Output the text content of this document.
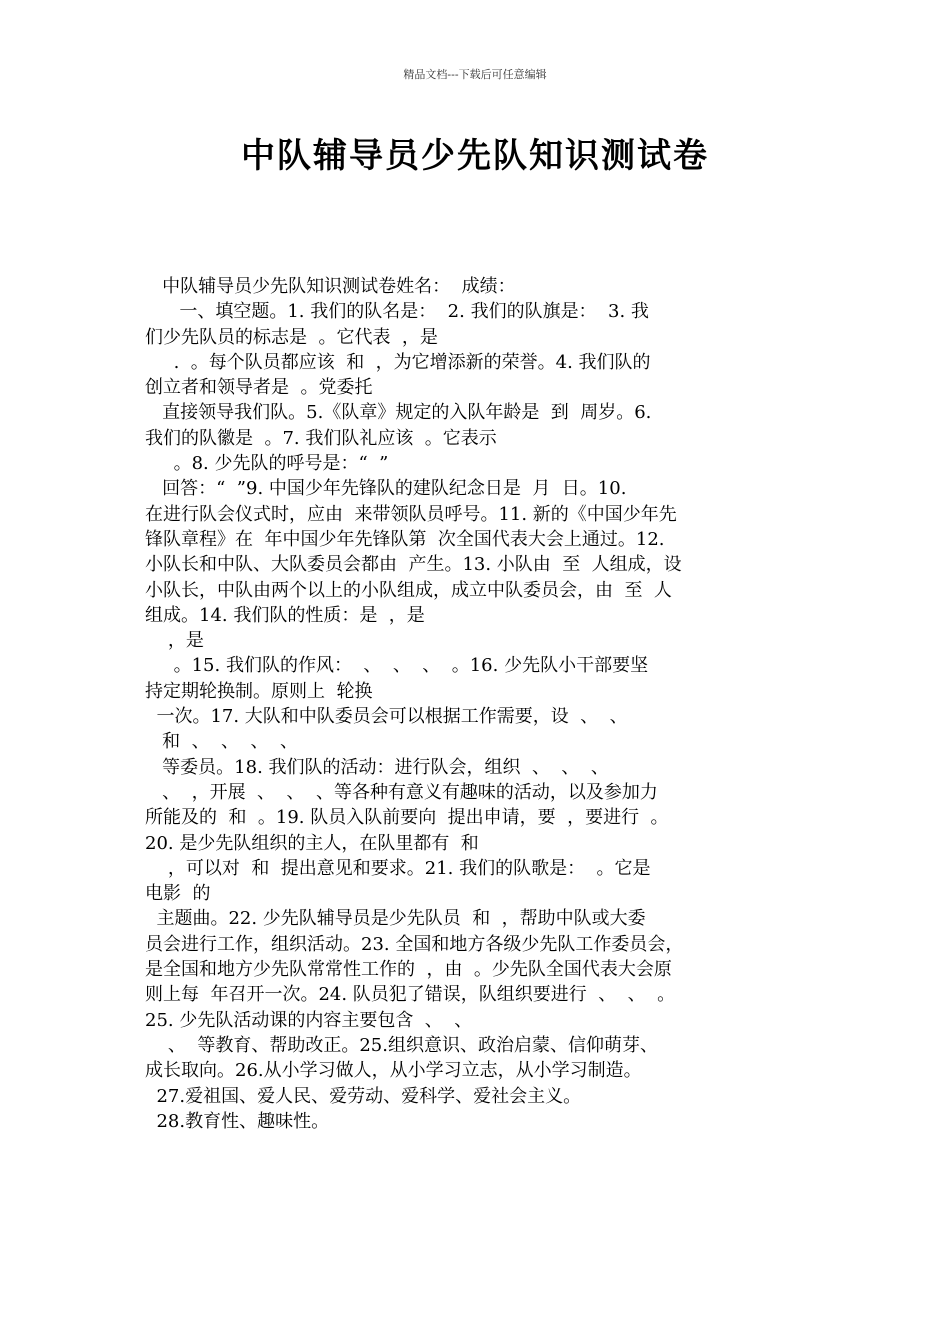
精品文档---下载后可任意编辑
中队辅导员少先队知识测试卷
中队辅导员少先队知识测试卷姓名：  成绩：
一、填空题。1. 我们的队名是：  2. 我们的队旗是：  3. 我
们少先队员的标志是  。它代表  ，是
.  。每个队员都应该  和  ，为它增添新的荣誉。4. 我们队的
创立者和领导者是  。党委托
直接领导我们队。5.《队章》规定的入队年龄是  到  周岁。6.
我们的队徽是  。7. 我们队礼应该  。它表示
。8. 少先队的呼号是：“  ”
回答：“  ”9. 中国少年先锋队的建队纪念日是  月  日。10.
在进行队会仪式时，应由  来带领队员呼号。11. 新的《中国少年先
锋队章程》在  年中国少年先锋队第  次全国代表大会上通过。12.
小队长和中队、大队委员会都由  产生。13. 小队由  至  人组成，设
小队长，中队由两个以上的小队组成，成立中队委员会，由  至  人
组成。14. 我们队的性质：是  ，是
，是
。15. 我们队的作风：  、  、  、  。16. 少先队小干部要坚
持定期轮换制。原则上  轮换
一次。17. 大队和中队委员会可以根据工作需要，设  、  、
和  、  、  、  、
等委员。18. 我们队的活动：进行队会，组织  、  、  、
、  ，开展  、  、  、等各种有意义有趣味的活动，以及参加力
所能及的  和  。19. 队员入队前要向  提出申请，要  ，要进行  。
20. 是少先队组织的主人，在队里都有  和
，可以对  和  提出意见和要求。21. 我们的队歌是：  。它是
电影  的
主题曲。22. 少先队辅导员是少先队员  和  ，帮助中队或大委
员会进行工作，组织活动。23. 全国和地方各级少先队工作委员会，
是全国和地方少先队常常性工作的  ，由  。少先队全国代表大会原
则上每  年召开一次。24. 队员犯了错误，队组织要进行  、  、  。
25. 少先队活动课的内容主要包含  、  、
、  等教育、帮助改正。25.组织意识、政治启蒙、信仰萌芽、
成长取向。26.从小学习做人，从小学习立志，从小学习制造。
27.爱祖国、爱人民、爱劳动、爱科学、爱社会主义。
28.教育性、趣味性。
